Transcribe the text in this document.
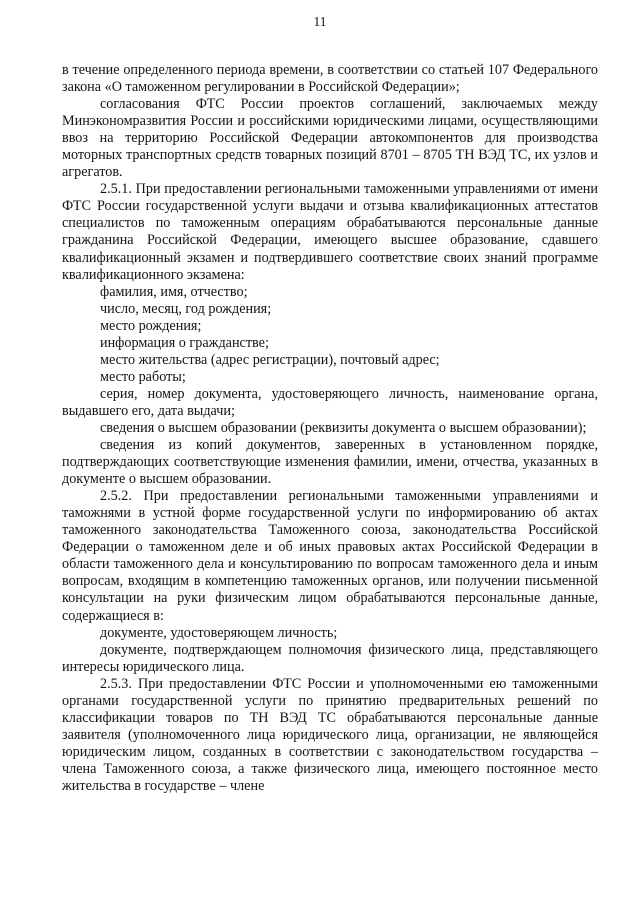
11

в течение определенного периода времени, в соответствии со статьей 107 Федерального закона «О таможенном регулировании в Российской Федерации»;

согласования ФТС России проектов соглашений, заключаемых между Минэкономразвития России и российскими юридическими лицами, осуществляющими ввоз на территорию Российской Федерации автокомпонентов для производства моторных транспортных средств товарных позиций 8701 – 8705 ТН ВЭД ТС, их узлов и агрегатов.

2.5.1. При предоставлении региональными таможенными управлениями от имени ФТС России государственной услуги выдачи и отзыва квалификационных аттестатов специалистов по таможенным операциям обрабатываются персональные данные гражданина Российской Федерации, имеющего высшее образование, сдавшего квалификационный экзамен и подтвердившего соответствие своих знаний программе квалификационного экзамена:

фамилия, имя, отчество;

число, месяц, год рождения;

место рождения;

информация о гражданстве;

место жительства (адрес регистрации), почтовый адрес;

место работы;

серия, номер документа, удостоверяющего личность, наименование органа, выдавшего его, дата выдачи;

сведения о высшем образовании (реквизиты документа о высшем образовании);

сведения из копий документов, заверенных в установленном порядке, подтверждающих соответствующие изменения фамилии, имени, отчества, указанных в документе о высшем образовании.

2.5.2. При предоставлении региональными таможенными управлениями и таможнями в устной форме государственной услуги по информированию об актах таможенного законодательства Таможенного союза, законодательства Российской Федерации о таможенном деле и об иных правовых актах Российской Федерации в области таможенного дела и консультированию по вопросам таможенного дела и иным вопросам, входящим в компетенцию таможенных органов, или получении письменной консультации на руки физическим лицом обрабатываются персональные данные, содержащиеся в:

документе, удостоверяющем личность;

документе, подтверждающем полномочия физического лица, представляющего интересы юридического лица.

2.5.3. При предоставлении ФТС России и уполномоченными ею таможенными органами государственной услуги по принятию предварительных решений по классификации товаров по ТН ВЭД ТС обрабатываются персональные данные заявителя (уполномоченного лица юридического лица, организации, не являющейся юридическим лицом, созданных в соответствии с законодательством государства – члена Таможенного союза, а также физического лица, имеющего постоянное место жительства в государстве – члене
